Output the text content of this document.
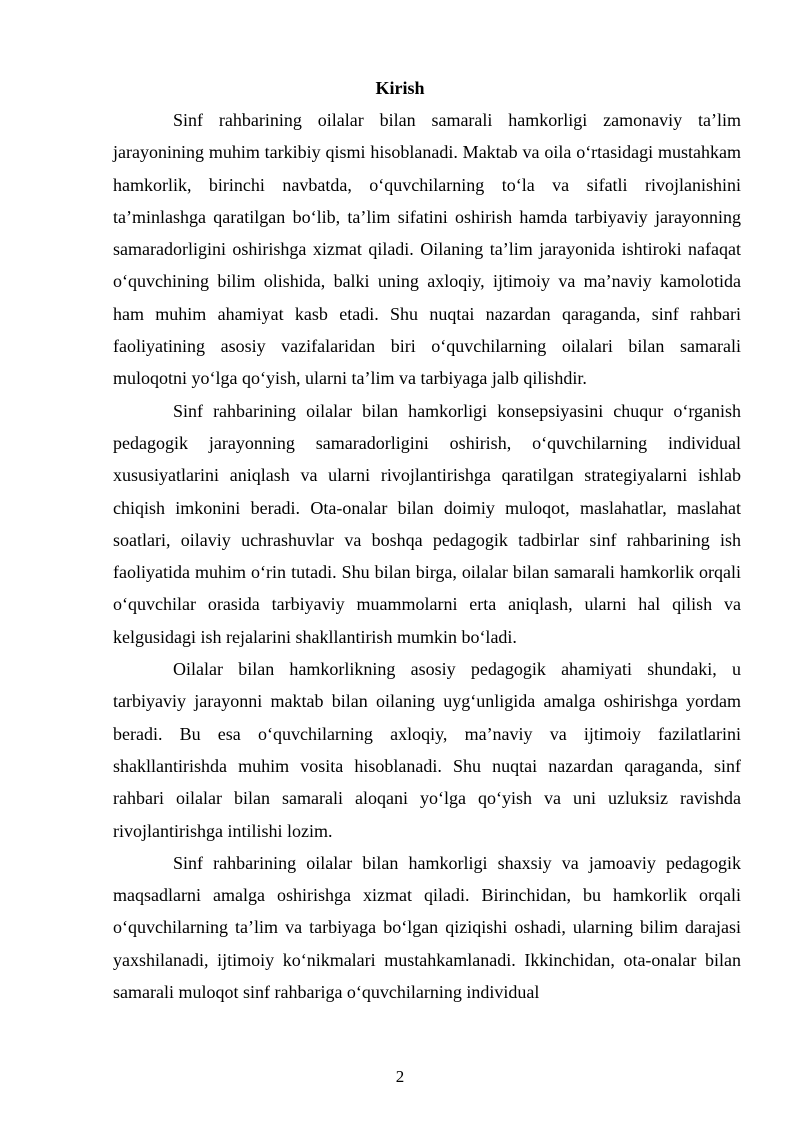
Kirish

Sinf rahbarining oilalar bilan samarali hamkorligi zamonaviy ta’lim jarayonining muhim tarkibiy qismi hisoblanadi. Maktab va oila o‘rtasidagi mustahkam hamkorlik, birinchi navbatda, o‘quvchilarning to‘la va sifatli rivojlanishini ta’minlashga qaratilgan bo‘lib, ta’lim sifatini oshirish hamda tarbiyaviy jarayonning samaradorligini oshirishga xizmat qiladi. Oilaning ta’lim jarayonida ishtiroki nafaqat o‘quvchining bilim olishida, balki uning axloqiy, ijtimoiy va ma’naviy kamolotida ham muhim ahamiyat kasb etadi. Shu nuqtai nazardan qaraganda, sinf rahbari faoliyatining asosiy vazifalaridan biri o‘quvchilarning oilalari bilan samarali muloqotni yo‘lga qo‘yish, ularni ta’lim va tarbiyaga jalb qilishdir.

Sinf rahbarining oilalar bilan hamkorligi konsepsiyasini chuqur o‘rganish pedagogik jarayonning samaradorligini oshirish, o‘quvchilarning individual xususiyatlarini aniqlash va ularni rivojlantirishga qaratilgan strategiyalarni ishlab chiqish imkonini beradi. Ota-onalar bilan doimiy muloqot, maslahatlar, maslahat soatlari, oilaviy uchrashuvlar va boshqa pedagogik tadbirlar sinf rahbarining ish faoliyatida muhim o‘rin tutadi. Shu bilan birga, oilalar bilan samarali hamkorlik orqali o‘quvchilar orasida tarbiyaviy muammolarni erta aniqlash, ularni hal qilish va kelgusidagi ish rejalarini shakllantirish mumkin bo‘ladi.

Oilalar bilan hamkorlikning asosiy pedagogik ahamiyati shundaki, u tarbiyaviy jarayonni maktab bilan oilaning uyg‘unligida amalga oshirishga yordam beradi. Bu esa o‘quvchilarning axloqiy, ma’naviy va ijtimoiy fazilatlarini shakllantirishda muhim vosita hisoblanadi. Shu nuqtai nazardan qaraganda, sinf rahbari oilalar bilan samarali aloqani yo‘lga qo‘yish va uni uzluksiz ravishda rivojlantirishga intilishi lozim.

Sinf rahbarining oilalar bilan hamkorligi shaxsiy va jamoaviy pedagogik maqsadlarni amalga oshirishga xizmat qiladi. Birinchidan, bu hamkorlik orqali o‘quvchilarning ta’lim va tarbiyaga bo‘lgan qiziqishi oshadi, ularning bilim darajasi yaxshilanadi, ijtimoiy ko‘nikmalari mustahkamlanadi. Ikkinchidan, ota-onalar bilan samarali muloqot sinf rahbariga o‘quvchilarning individual

2
